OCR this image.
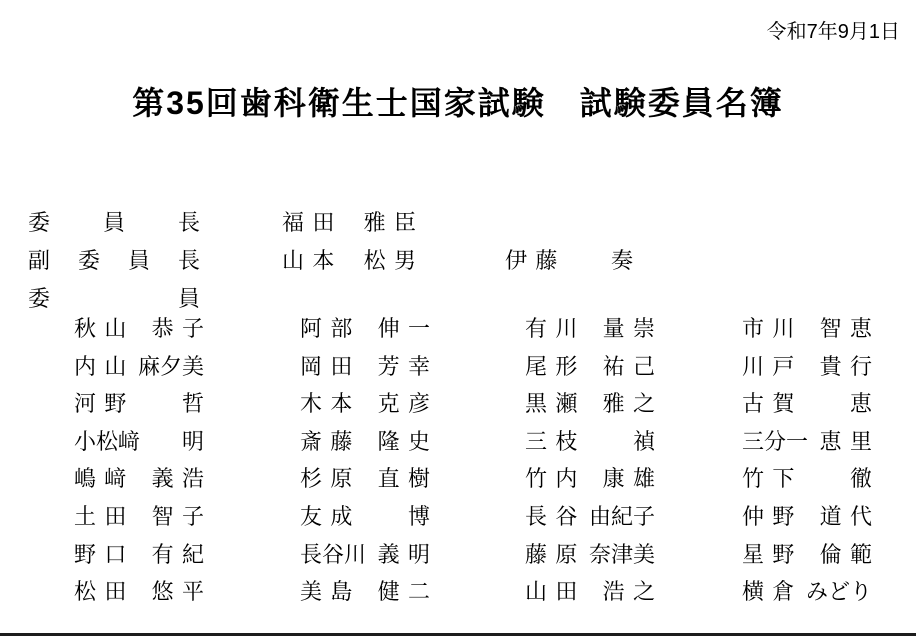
令和7年9月1日
第35回歯科衛生士国家試験　試験委員名簿
委 員 長	福田 雅臣
副 委 員 長	山本 松男	伊藤 奏
委	員
秋山 恭子	阿部 伸一	有川 量崇	市川 智恵
内山 麻夕美	岡田 芳幸	尾形 祐己	川戸 貴行
河野 哲	木本 克彦	黒瀬 雅之	古賀 恵
小松﨑 明	斎藤 隆史	三枝 禎	三分一 恵里
嶋﨑 義浩	杉原 直樹	竹内 康雄	竹下 徹
土田 智子	友成 博	長谷 由紀子	仲野 道代
野口 有紀	長谷川 義明	藤原 奈津美	星野 倫範
松田 悠平	美島 健二	山田 浩之	横倉 みどり
